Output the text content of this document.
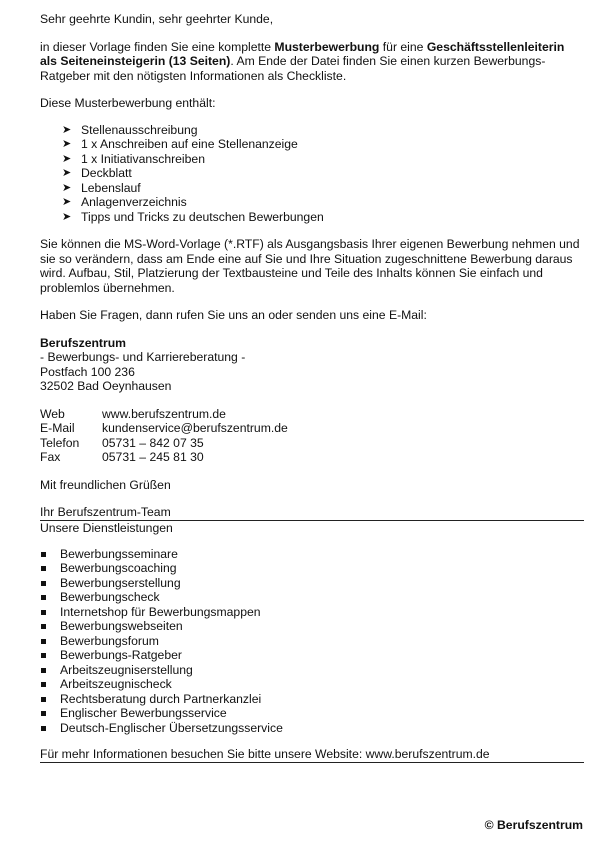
Sehr geehrte Kundin, sehr geehrter Kunde,

in dieser Vorlage finden Sie eine komplette Musterbewerbung für eine Geschäftsstellenleiterin als Seiteneinsteigerin (13 Seiten). Am Ende der Datei finden Sie einen kurzen Bewerbungs-Ratgeber mit den nötigsten Informationen als Checkliste.

Diese Musterbewerbung enthält:

➤ Stellenausschreibung
➤ 1 x Anschreiben auf eine Stellenanzeige
➤ 1 x Initiativanschreiben
➤ Deckblatt
➤ Lebenslauf
➤ Anlagenverzeichnis
➤ Tipps und Tricks zu deutschen Bewerbungen

Sie können die MS-Word-Vorlage (*.RTF) als Ausgangsbasis Ihrer eigenen Bewerbung nehmen und sie so verändern, dass am Ende eine auf Sie und Ihre Situation zugeschnittene Bewerbung daraus wird. Aufbau, Stil, Platzierung der Textbausteine und Teile des Inhalts können Sie einfach und problemlos übernehmen.

Haben Sie Fragen, dann rufen Sie uns an oder senden uns eine E-Mail:

Berufszentrum

- Bewerbungs- und Karriereberatung -

Postfach 100 236

32502 Bad Oeynhausen

Web	www.berufszentrum.de
E-Mail	kundenservice@berufszentrum.de
Telefon	05731 – 842 07 35
Fax	05731 – 245 81 30

Mit freundlichen Grüßen

Ihr Berufszentrum-Team

Unsere Dienstleistungen

Bewerbungsseminare
Bewerbungscoaching
Bewerbungserstellung
Bewerbungscheck
Internetshop für Bewerbungsmappen
Bewerbungswebseiten
Bewerbungsforum
Bewerbungs-Ratgeber
Arbeitszeugniserstellung
Arbeitszeugnischeck
Rechtsberatung durch Partnerkanzlei
Englischer Bewerbungsservice
Deutsch-Englischer Übersetzungsservice

Für mehr Informationen besuchen Sie bitte unsere Website: www.berufszentrum.de

© Berufszentrum
